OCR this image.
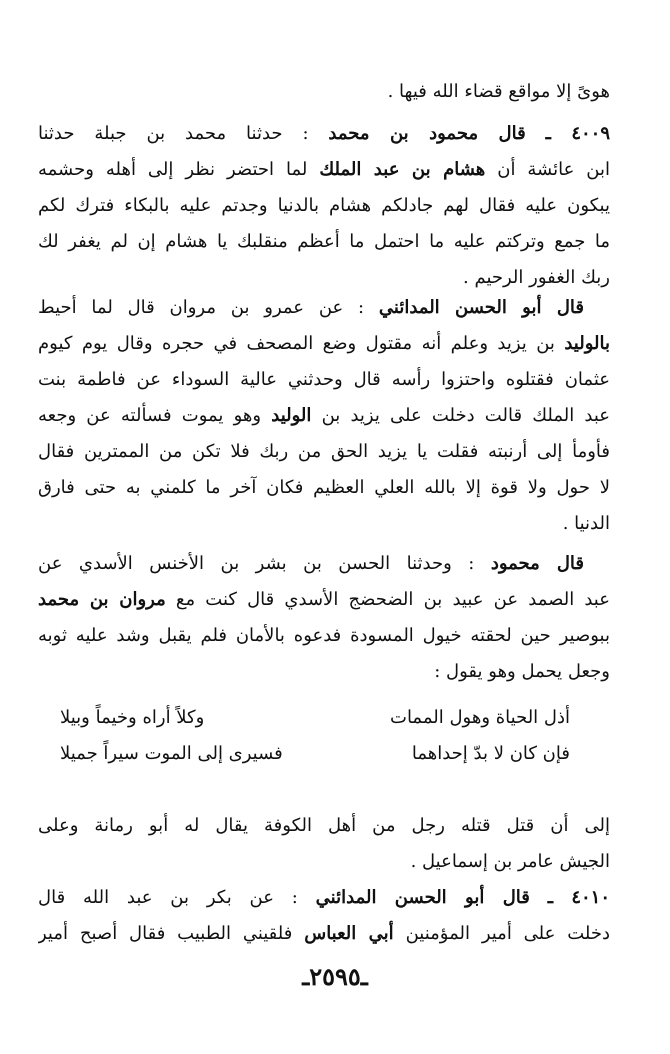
هوىً إلا مواقع قضاء الله فيها .
٤٠٠٩ ـ قال محمود بن محمد : حدثنا محمد بن جبلة حدثنا
ابن عائشة أن هشام بن عبد الملك لما احتضر نظر إلى أهله وحشمه
يبكون عليه فقال لهم جادلكم هشام بالدنيا وجدتم عليه بالبكاء فترك لكم
ما جمع وتركتم عليه ما احتمل ما أعظم منقلبك يا هشام إن لم يغفر لك
ربك الغفور الرحيم .
قال أبو الحسن المدائني : عن عمرو بن مروان قال لما أحيط
بالوليد بن يزيد وعلم أنه مقتول وضع المصحف في حجره وقال يوم كيوم
عثمان فقتلوه واحتزوا رأسه قال وحدثني عالية السوداء عن فاطمة بنت
عبد الملك قالت دخلت على يزيد بن الوليد وهو يموت فسألته عن وجعه
فأومأ إلى أرنبته فقلت يا يزيد الحق من ربك فلا تكن من الممترين فقال
لا حول ولا قوة إلا بالله العلي العظيم فكان آخر ما كلمني به حتى فارق
الدنيا .
قال محمود : وحدثنا الحسن بن بشر بن الأخنس الأسدي عن
عبد الصمد عن عبيد بن الضحضج الأسدي قال كنت مع مروان بن محمد
ببوصير حين لحقته خيول المسودة فدعوه بالأمان فلم يقبل وشد عليه ثوبه
وجعل يحمل وهو يقول :
أذل الحياة وهول الممات
وكلاً أراه وخيماً وبيلا
فإن كان لا بدّ إحداهما
فسيرى إلى الموت سيراً جميلا
إلى أن قتل قتله رجل من أهل الكوفة يقال له أبو رمانة وعلى
الجيش عامر بن إسماعيل .
٤٠١٠ ـ قال أبو الحسن المدائني : عن بكر بن عبد الله قال
دخلت على أمير المؤمنين أبي العباس فلقيني الطبيب فقال أصبح أمير
ـ٢٥٩٥ـ
